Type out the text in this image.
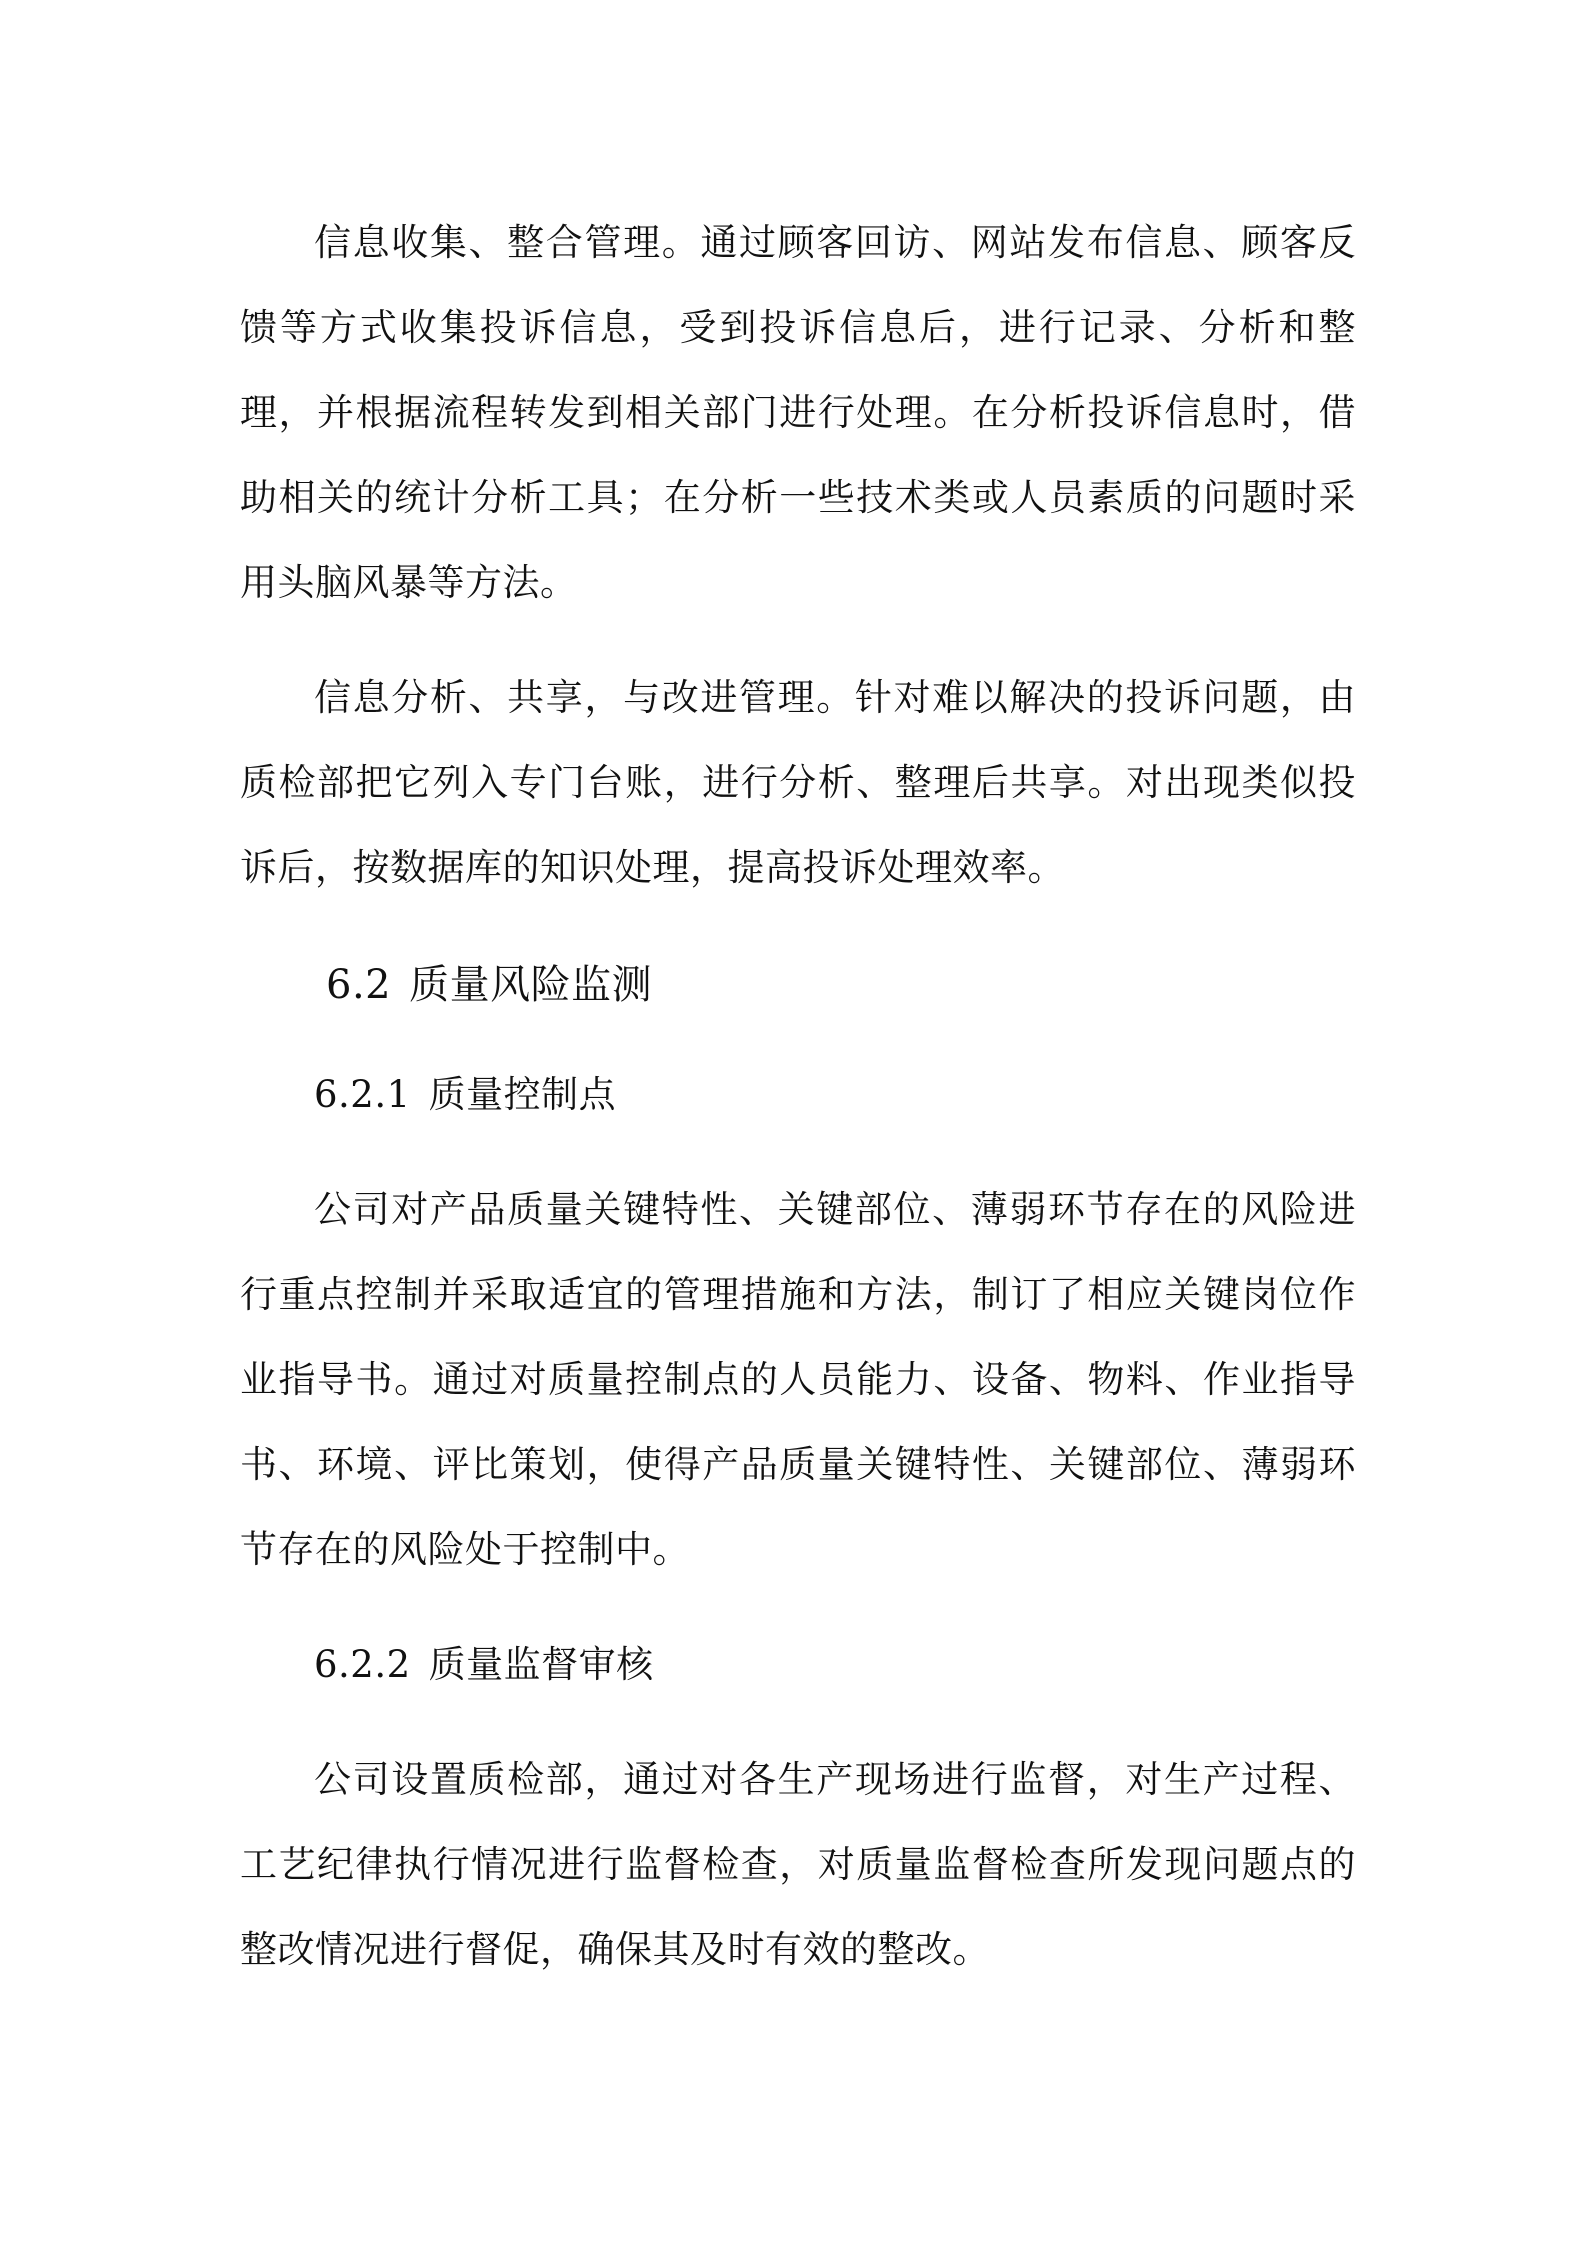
信息收集、整合管理。通过顾客回访、网站发布信息、顾客反馈等方式收集投诉信息，受到投诉信息后，进行记录、分析和整理，并根据流程转发到相关部门进行处理。在分析投诉信息时，借助相关的统计分析工具；在分析一些技术类或人员素质的问题时采用头脑风暴等方法。

信息分析、共享，与改进管理。针对难以解决的投诉问题，由质检部把它列入专门台账，进行分析、整理后共享。对出现类似投诉后，按数据库的知识处理，提高投诉处理效率。

6.2 质量风险监测
6.2.1 质量控制点

公司对产品质量关键特性、关键部位、薄弱环节存在的风险进行重点控制并采取适宜的管理措施和方法，制订了相应关键岗位作业指导书。通过对质量控制点的人员能力、设备、物料、作业指导书、环境、评比策划，使得产品质量关键特性、关键部位、薄弱环节存在的风险处于控制中。

6.2.2 质量监督审核

公司设置质检部，通过对各生产现场进行监督，对生产过程、工艺纪律执行情况进行监督检查，对质量监督检查所发现问题点的整改情况进行督促，确保其及时有效的整改。
